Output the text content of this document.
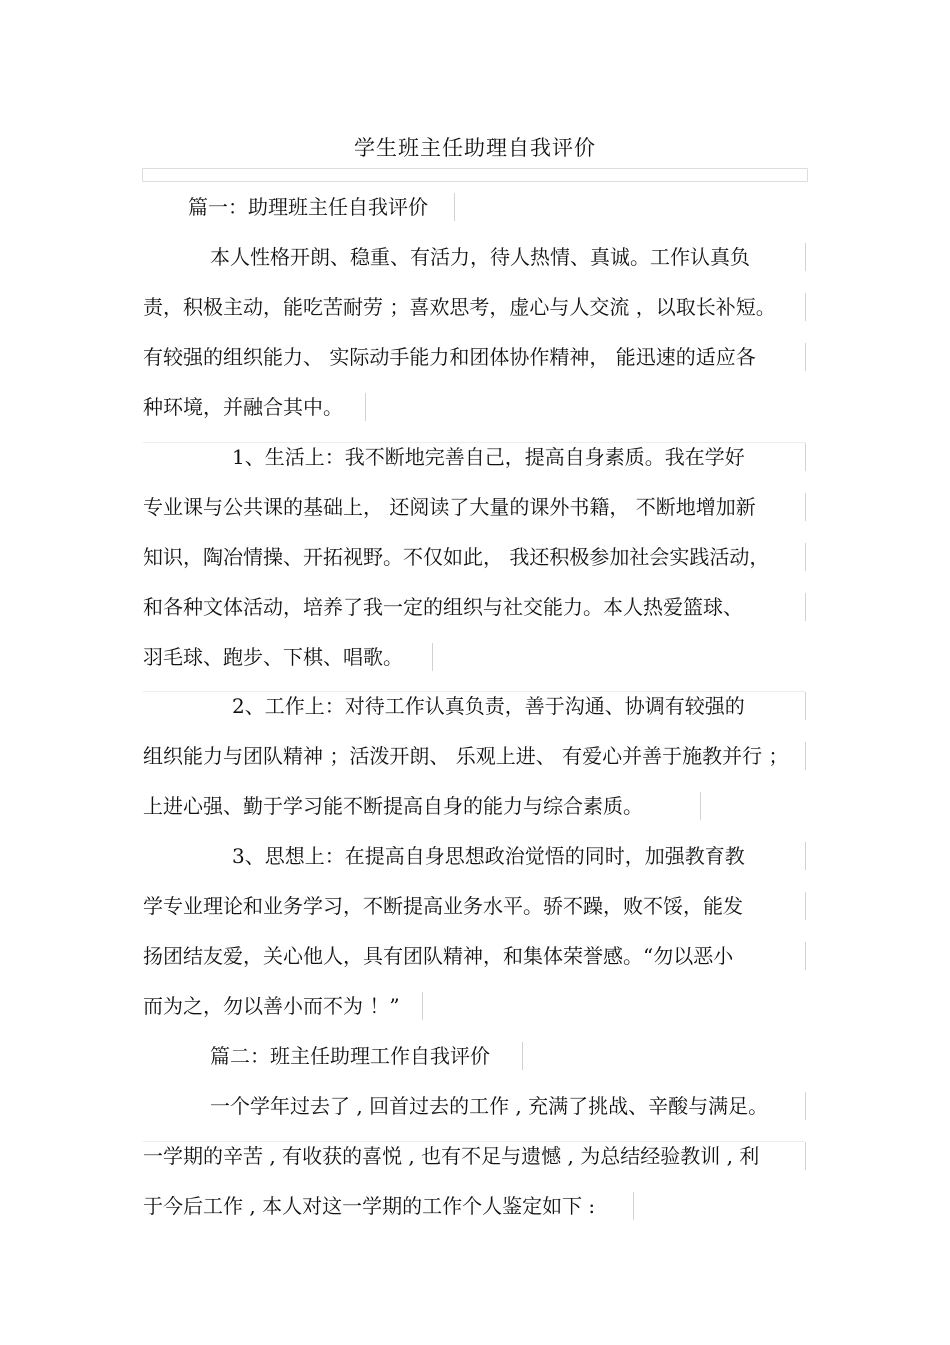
学生班主任助理自我评价
篇一：助理班主任自我评价
本人性格开朗、稳重、有活力，待人热情、真诚。工作认真负
责，积极主动，能吃苦耐劳 ；喜欢思考，虚心与人交流 ，以取长补短。
有较强的组织能力、 实际动手能力和团体协作精神， 能迅速的适应各
种环境，并融合其中。
1、生活上：我不断地完善自己，提高自身素质。我在学好
专业课与公共课的基础上， 还阅读了大量的课外书籍， 不断地增加新
知识，陶冶情操、开拓视野。不仅如此， 我还积极参加社会实践活动，
和各种文体活动，培养了我一定的组织与社交能力。本人热爱篮球、
羽毛球、跑步、下棋、唱歌。
2、工作上：对待工作认真负责，善于沟通、协调有较强的
组织能力与团队精神 ；活泼开朗、 乐观上进、 有爱心并善于施教并行 ；
上进心强、勤于学习能不断提高自身的能力与综合素质。
3、思想上：在提高自身思想政治觉悟的同时，加强教育教
学专业理论和业务学习，不断提高业务水平。骄不躁，败不馁，能发
扬团结友爱，关心他人，具有团队精神，和集体荣誉感。“勿以恶小
而为之，勿以善小而不为 ！”
篇二：班主任助理工作自我评价
一个学年过去了 , 回首过去的工作 , 充满了挑战、辛酸与满足。
一学期的辛苦 , 有收获的喜悦 , 也有不足与遗憾 , 为总结经验教训 , 利
于今后工作 , 本人对这一学期的工作个人鉴定如下 :
